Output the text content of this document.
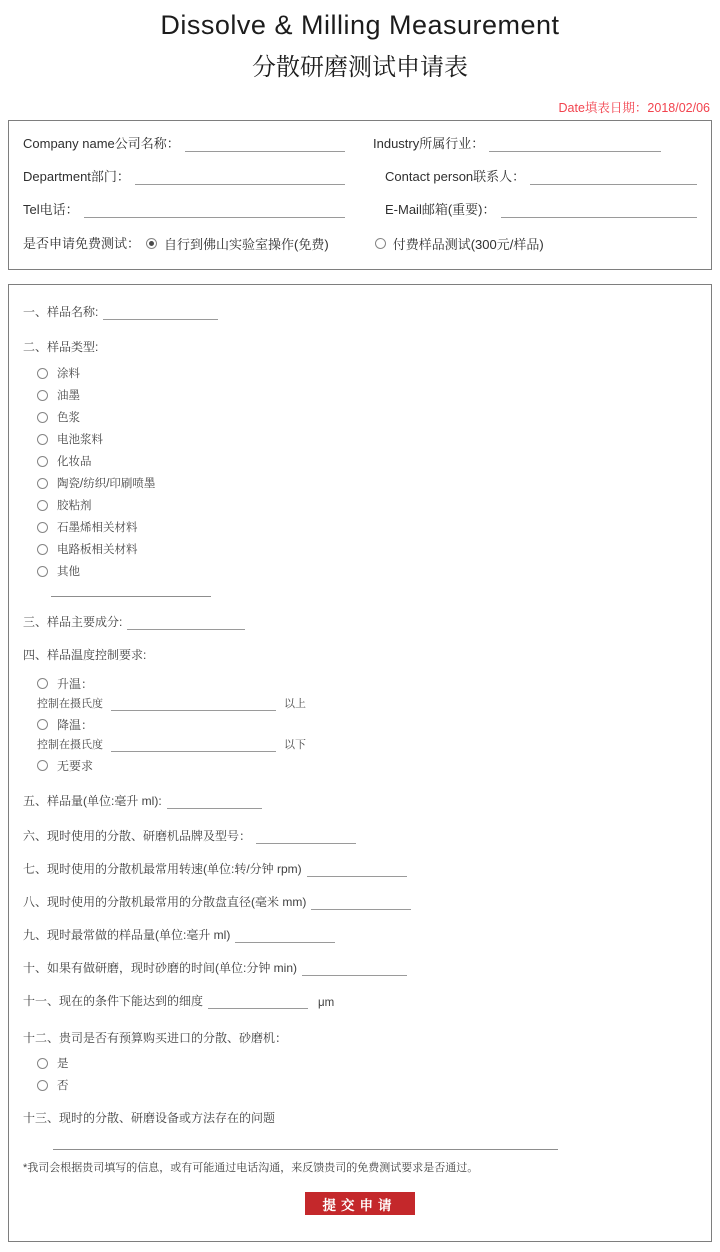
Dissolve & Milling Measurement
分散研磨测试申请表
Date填表日期：2018/02/06
Company name公司名称：	Industry所属行业：
Department部门：	Contact person联系人：
Tel电话：	E-Mail邮箱(重要)：
是否申请免费测试： 自行到佛山实验室操作(免费)	付费样品测试(300元/样品)
一、样品名称:
二、样品类型:
涂料
油墨
色浆
电池浆料
化妆品
陶瓷/纺织/印刷喷墨
胶粘剂
石墨烯相关材料
电路板相关材料
其他
三、样品主要成分:
四、样品温度控制要求:
升温：
控制在摄氏度	以上
降温：
控制在摄氏度	以下
无要求
五、样品量(单位:毫升 ml):
六、现时使用的分散、研磨机品牌及型号：
七、现时使用的分散机最常用转速(单位:转/分钟 rpm)
八、现时使用的分散机最常用的分散盘直径(毫米 mm)
九、现时最常做的样品量(单位:毫升 ml)
十、如果有做研磨，现时砂磨的时间(单位:分钟 min)
十一、现在的条件下能达到的细度	μm
十二、贵司是否有预算购买进口的分散、砂磨机：
是
否
十三、现时的分散、研磨设备或方法存在的问题
*我司会根据贵司填写的信息，或有可能通过电话沟通，来反馈贵司的免费测试要求是否通过。
提交申请
